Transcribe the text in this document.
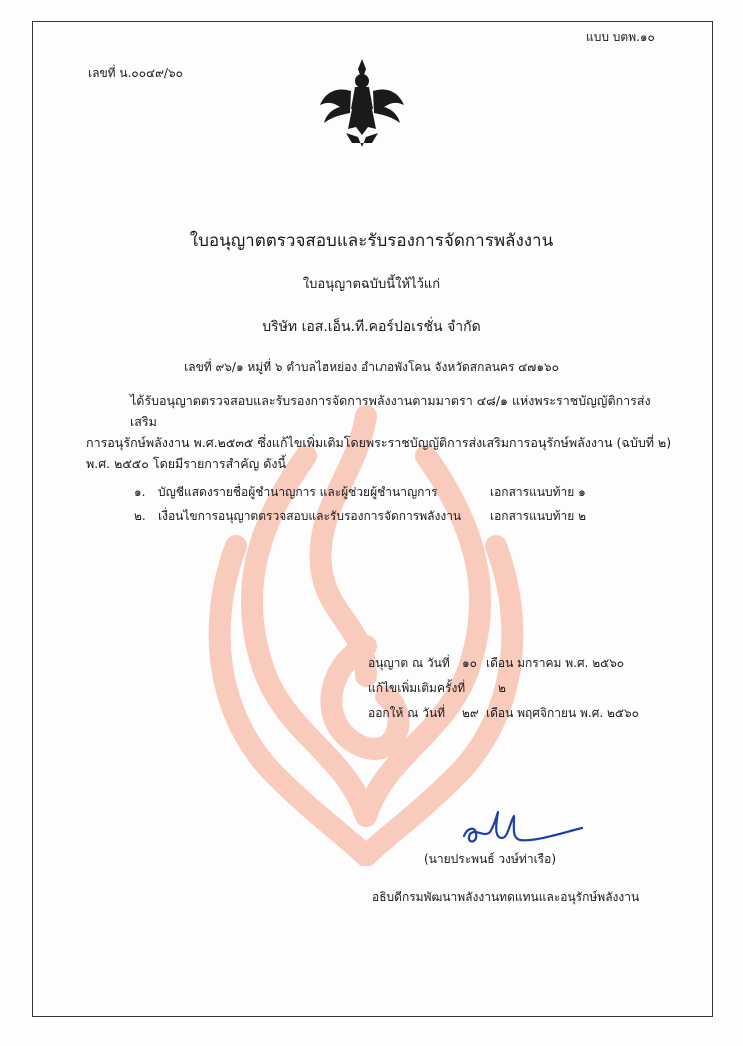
แบบ บตพ.๑๐
เลขที่ น.๐๐๔๙/๖๐
ใบอนุญาตตรวจสอบและรับรองการจัดการพลังงาน
ใบอนุญาตฉบับนี้ให้ไว้แก่
บริษัท เอส.เอ็น.ที.คอร์ปอเรชั่น จำกัด
เลขที่ ๙๖/๑ หมู่ที่ ๖ ตำบลไฮหย่อง อำเภอพังโคน จังหวัดสกลนคร ๔๗๑๖๐

ได้รับอนุญาตตรวจสอบและรับรองการจัดการพลังงานตามมาตรา ๔๘/๑ แห่งพระราชบัญญัติการส่งเสริม

การอนุรักษ์พลังงาน พ.ศ.๒๕๓๕ ซึ่งแก้ไขเพิ่มเติมโดยพระราชบัญญัติการส่งเสริมการอนุรักษ์พลังงาน (ฉบับที่ ๒)

พ.ศ. ๒๕๕๐ โดยมีรายการสำคัญ ดังนี้

๑. บัญชีแสดงรายชื่อผู้ชำนาญการ และผู้ช่วยผู้ชำนาญการ	เอกสารแนบท้าย ๑
๒. เงื่อนไขการอนุญาตตรวจสอบและรับรองการจัดการพลังงาน เอกสารแนบท้าย ๒
อนุญาต ณ วันที่ ๑๐ เดือน มกราคม พ.ศ. ๒๕๖๐
แก้ไขเพิ่มเติมครั้งที่	๒
ออกให้ ณ วันที่ ๒๙ เดือน พฤศจิกายน พ.ศ. ๒๕๖๐
(นายประพนธ์ วงษ์ท่าเรือ)
อธิบดีกรมพัฒนาพลังงานทดแทนและอนุรักษ์พลังงาน
